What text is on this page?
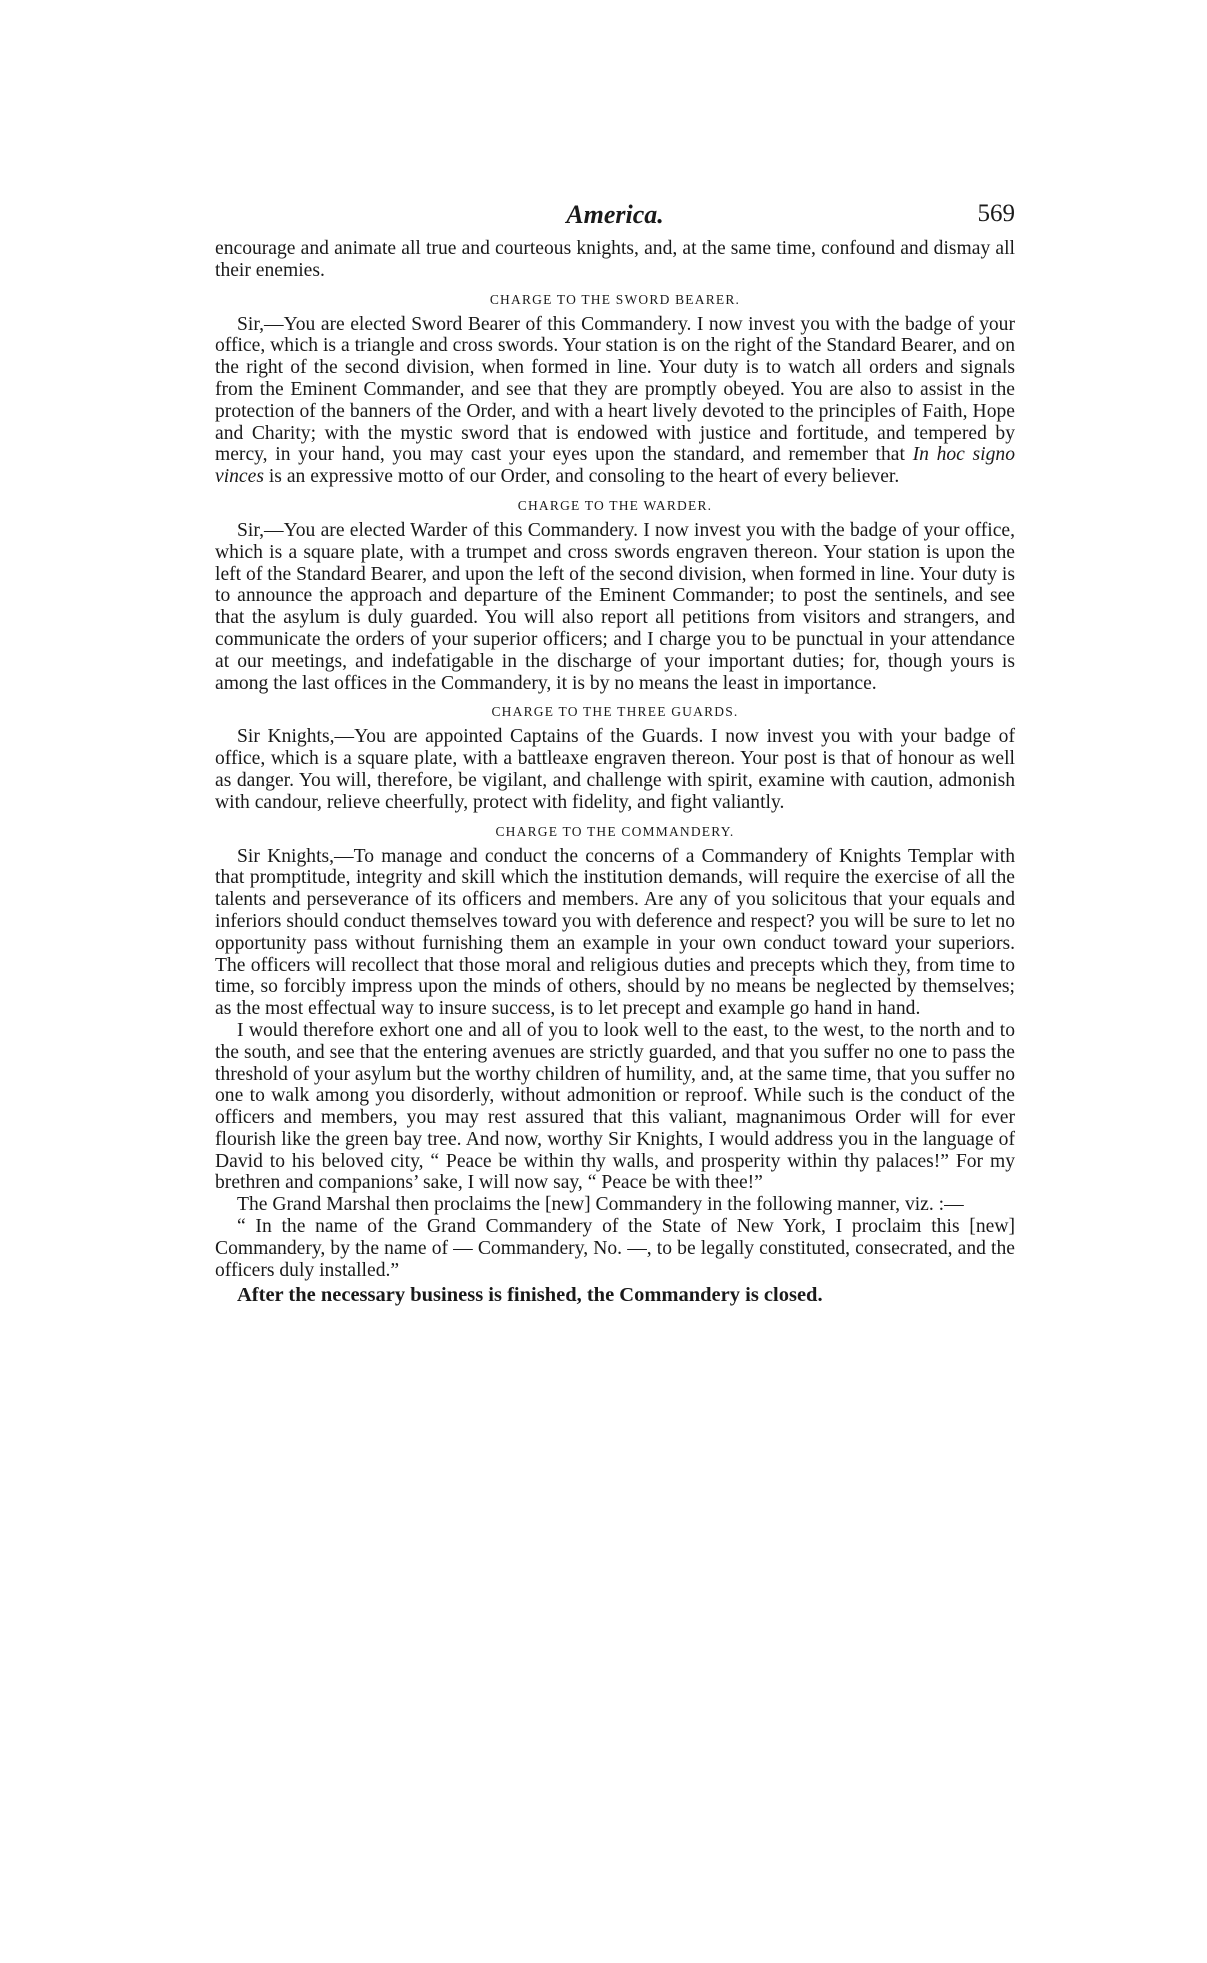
America.	569

encourage and animate all true and courteous knights, and, at the same time, confound and dismay all their enemies.

CHARGE TO THE SWORD BEARER.

Sir,—You are elected Sword Bearer of this Commandery. I now invest you with the badge of your office, which is a triangle and cross swords. Your station is on the right of the Standard Bearer, and on the right of the second division, when formed in line. Your duty is to watch all orders and signals from the Eminent Commander, and see that they are promptly obeyed. You are also to assist in the protection of the banners of the Order, and with a heart lively devoted to the principles of Faith, Hope and Charity; with the mystic sword that is endowed with justice and fortitude, and tempered by mercy, in your hand, you may cast your eyes upon the standard, and remember that In hoc signo vinces is an expressive motto of our Order, and consoling to the heart of every believer.

CHARGE TO THE WARDER.

Sir,—You are elected Warder of this Commandery. I now invest you with the badge of your office, which is a square plate, with a trumpet and cross swords engraven thereon. Your station is upon the left of the Standard Bearer, and upon the left of the second division, when formed in line. Your duty is to announce the approach and departure of the Eminent Commander; to post the sentinels, and see that the asylum is duly guarded. You will also report all petitions from visitors and strangers, and communicate the orders of your superior officers; and I charge you to be punctual in your attendance at our meetings, and indefatigable in the discharge of your important duties; for, though yours is among the last offices in the Commandery, it is by no means the least in importance.

CHARGE TO THE THREE GUARDS.

Sir Knights,—You are appointed Captains of the Guards. I now invest you with your badge of office, which is a square plate, with a battleaxe engraven thereon. Your post is that of honour as well as danger. You will, therefore, be vigilant, and challenge with spirit, examine with caution, admonish with candour, relieve cheerfully, protect with fidelity, and fight valiantly.

CHARGE TO THE COMMANDERY.

Sir Knights,—To manage and conduct the concerns of a Commandery of Knights Templar with that promptitude, integrity and skill which the institution demands, will require the exercise of all the talents and perseverance of its officers and members. Are any of you solicitous that your equals and inferiors should conduct themselves toward you with deference and respect? you will be sure to let no opportunity pass without furnishing them an example in your own conduct toward your superiors. The officers will recollect that those moral and religious duties and precepts which they, from time to time, so forcibly impress upon the minds of others, should by no means be neglected by themselves; as the most effectual way to insure success, is to let precept and example go hand in hand.

I would therefore exhort one and all of you to look well to the east, to the west, to the north and to the south, and see that the entering avenues are strictly guarded, and that you suffer no one to pass the threshold of your asylum but the worthy children of humility, and, at the same time, that you suffer no one to walk among you disorderly, without admonition or reproof. While such is the conduct of the officers and members, you may rest assured that this valiant, magnanimous Order will for ever flourish like the green bay tree. And now, worthy Sir Knights, I would address you in the language of David to his beloved city, “ Peace be within thy walls, and prosperity within thy palaces!” For my brethren and companions’ sake, I will now say, “ Peace be with thee!”

The Grand Marshal then proclaims the [new] Commandery in the following manner, viz. :—

“ In the name of the Grand Commandery of the State of New York, I proclaim this [new] Commandery, by the name of — Commandery, No. —, to be legally constituted, consecrated, and the officers duly installed.”

After the necessary business is finished, the Commandery is closed.
